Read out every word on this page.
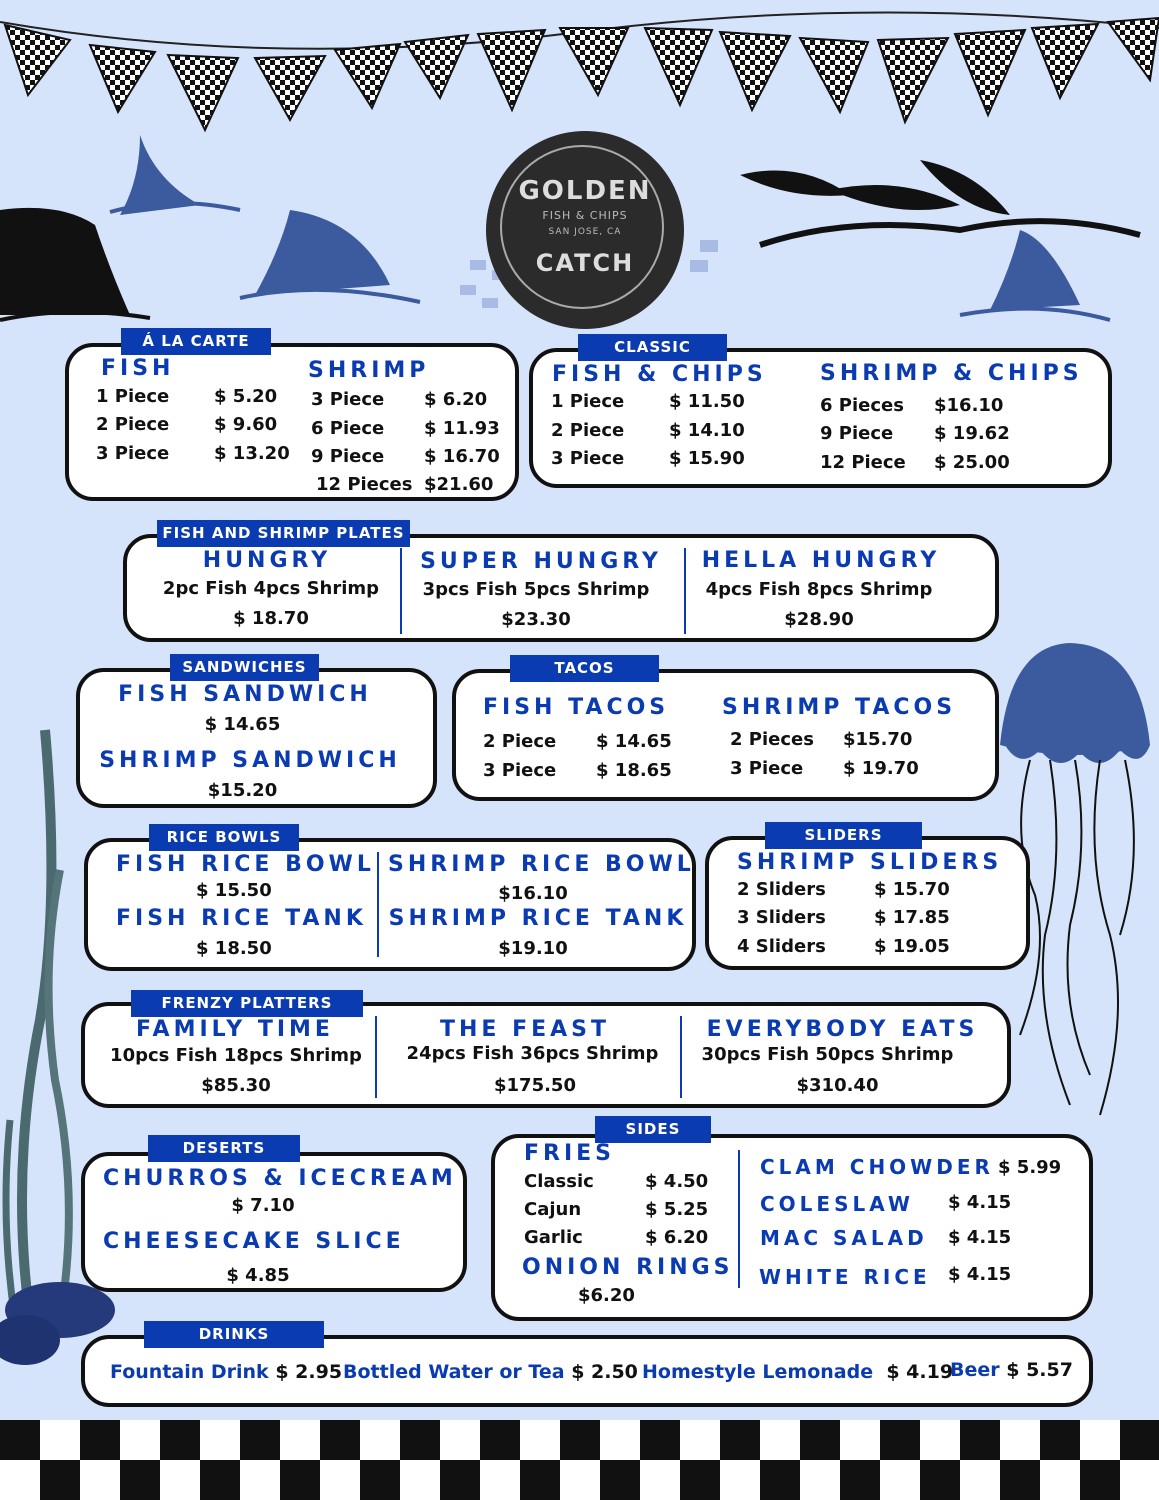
GOLDEN
FISH & CHIPS
SAN JOSE, CA
CATCH
Á LA CARTE
FISH
1 Piece $ 5.20
2 Piece $ 9.60
3 Piece $ 13.20
SHRIMP
3 Piece $ 6.20
6 Piece $ 11.93
9 Piece $ 16.70
12 Pieces $21.60
CLASSIC
FISH & CHIPS
1 Piece $ 11.50
2 Piece $ 14.10
3 Piece $ 15.90
SHRIMP & CHIPS
6 Pieces $16.10
9 Piece $ 19.62
12 Piece $ 25.00
FISH AND SHRIMP PLATES
HUNGRY
2pc Fish 4pcs Shrimp
$ 18.70
SUPER HUNGRY
3pcs Fish 5pcs Shrimp
$23.30
HELLA HUNGRY
4pcs Fish 8pcs Shrimp
$28.90
SANDWICHES
FISH SANDWICH
$ 14.65
SHRIMP SANDWICH
$15.20
TACOS
FISH TACOS
2 Piece $ 14.65
3 Piece $ 18.65
SHRIMP TACOS
2 Pieces $15.70
3 Piece $ 19.70
RICE BOWLS
FISH RICE BOWL
$ 15.50
FISH RICE TANK
$ 18.50
SHRIMP RICE BOWL
$16.10
SHRIMP RICE TANK
$19.10
SLIDERS
SHRIMP SLIDERS
2 Sliders	$ 15.70
3 Sliders	$ 17.85
4 Sliders	$ 19.05
FRENZY PLATTERS
FAMILY TIME
10pcs Fish 18pcs Shrimp
$85.30
THE FEAST
24pcs Fish 36pcs Shrimp
$175.50
EVERYBODY EATS
30pcs Fish 50pcs Shrimp
$310.40
DESERTS
CHURROS & ICECREAM
$ 7.10
CHEESECAKE SLICE
$ 4.85
SIDES
FRIES
Classic	$ 4.50
Cajun	$ 5.25
Garlic	$ 6.20
ONION RINGS
$6.20
CLAM CHOWDER $ 5.99
COLESLAW $ 4.15
MAC SALAD $ 4.15
WHITE RICE $ 4.15
DRINKS
Fountain Drink $ 2.95 Bottled Water or Tea $ 2.50 Homestyle Lemonade $ 4.19
Beer $ 5.57
